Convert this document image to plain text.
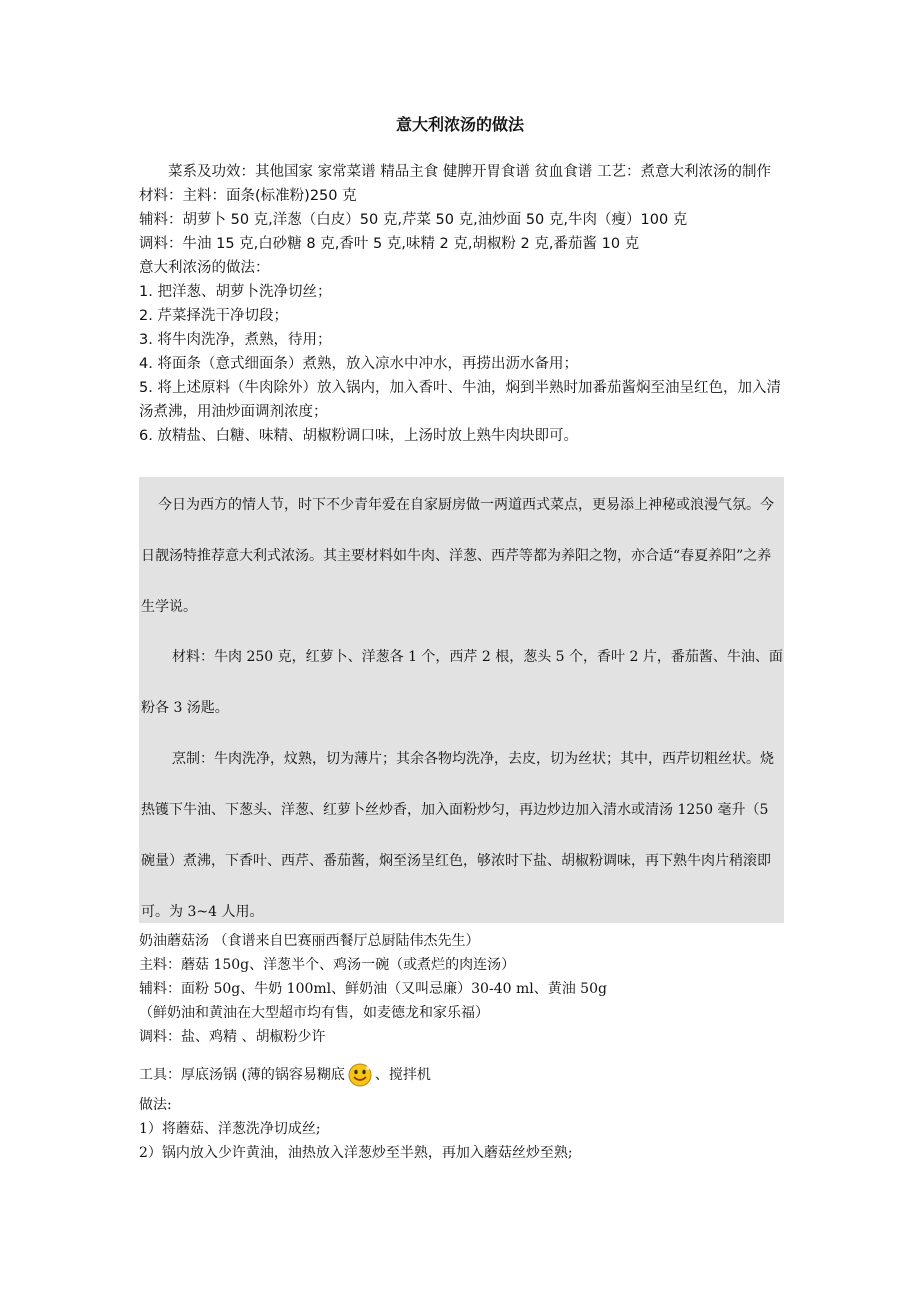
意大利浓汤的做法
菜系及功效：其他国家 家常菜谱 精品主食 健脾开胃食谱 贫血食谱 工艺：煮意大利浓汤的制作材料：主料：面条(标准粉)250 克
辅料：胡萝卜 50 克,洋葱（白皮）50 克,芹菜 50 克,油炒面 50 克,牛肉（瘦）100 克
调料：牛油 15 克,白砂糖 8 克,香叶 5 克,味精 2 克,胡椒粉 2 克,番茄酱 10 克
意大利浓汤的做法：
1. 把洋葱、胡萝卜洗净切丝；
2. 芹菜择洗干净切段；
3. 将牛肉洗净，煮熟，待用；
4. 将面条（意式细面条）煮熟，放入凉水中冲水，再捞出沥水备用；
5. 将上述原料（牛肉除外）放入锅内，加入香叶、牛油，焖到半熟时加番茄酱焖至油呈红色，加入清汤煮沸，用油炒面调剂浓度；
6. 放精盐、白糖、味精、胡椒粉调口味，上汤时放上熟牛肉块即可。

今日为西方的情人节，时下不少青年爱在自家厨房做一两道西式菜点，更易添上神秘或浪漫气氛。今日靓汤特推荐意大利式浓汤。其主要材料如牛肉、洋葱、西芹等都为养阳之物，亦合适“春夏养阳”之养生学说。

材料：牛肉 250 克，红萝卜、洋葱各 1 个，西芹 2 根，葱头 5 个，香叶 2 片，番茄酱、牛油、面粉各 3 汤匙。

烹制：牛肉洗净，炆熟，切为薄片；其余各物均洗净，去皮，切为丝状；其中，西芹切粗丝状。烧热镬下牛油、下葱头、洋葱、红萝卜丝炒香，加入面粉炒匀，再边炒边加入清水或清汤 1250 毫升（5 碗量）煮沸，下香叶、西芹、番茄酱，焖至汤呈红色，够浓时下盐、胡椒粉调味，再下熟牛肉片稍滚即可。为 3~4 人用。

奶油蘑菇汤 （食谱来自巴赛丽西餐厅总厨陆伟杰先生）
主料：蘑菇 150g、洋葱半个、鸡汤一碗（或煮烂的肉连汤）
辅料：面粉 50g、牛奶 100ml、鲜奶油（又叫忌廉）30-40 ml、黄油 50g
（鲜奶油和黄油在大型超市均有售，如麦德龙和家乐福）
调料：盐、鸡精 、胡椒粉少许
工具：厚底汤锅 (薄的锅容易糊底 、搅拌机
做法:
1）将蘑菇、洋葱洗净切成丝;
2）锅内放入少许黄油，油热放入洋葱炒至半熟，再加入蘑菇丝炒至熟;
